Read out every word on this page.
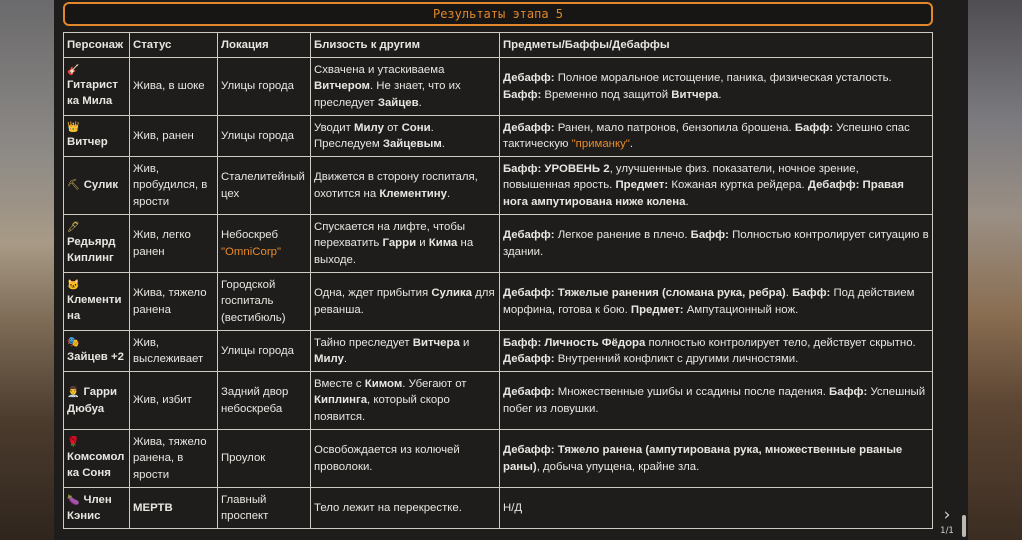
Результаты этапа 5
Персонаж	Статус	Локация	Близость к другим	Предметы/Баффы/Дебаффы

🎸
Гитарист ка Мила	Жива, в шоке	Улицы города	Схвачена и утаскиваема Витчером. Не знает, что их преследует Зайцев.	Дебафф: Полное моральное истощение, паника, физическая усталость. Бафф: Временно под защитой Витчера.

👑
Витчер	Жив, ранен	Улицы города	Уводит Милу от Сони. Преследуем Зайцевым.	Дебафф: Ранен, мало патронов, бензопила брошена. Бафф: Успешно спас тактическую "приманку".
⛏ Сулик	Жив, пробудился, в ярости	Сталелитейный цех	Движется в сторону госпиталя, охотится на Клементину.	Бафф: УРОВЕНЬ 2, улучшенные физ. показатели, ночное зрение, повышенная ярость. Предмет: Кожаная куртка рейдера. Дебафф: Правая нога ампутирована ниже колена.

🖊
Редьярд Киплинг	Жив, легко ранен	Небоскреб "OmniCorp"	Спускается на лифте, чтобы перехватить Гарри и Кима на выходе.	Дебафф: Легкое ранение в плечо. Бафф: Полностью контролирует ситуацию в здании.

🐱
Клементи на	Жива, тяжело ранена	Городской госпиталь (вестибюль)	Одна, ждет прибытия Сулика для реванша.	Дебафф: Тяжелые ранения (сломана рука, ребра). Бафф: Под действием морфина, готова к бою. Предмет: Ампутационный нож.

🎭
Зайцев +2	Жив, выслеживает	Улицы города	Тайно преследует Витчера и Милу.	Бафф: Личность Фёдора полностью контролирует тело, действует скрытно. Дебафф: Внутренний конфликт с другими личностями.
👨‍⚕ Гарри Дюбуа	Жив, избит	Задний двор небоскреба	Вместе с Кимом. Убегают от Киплинга, который скоро появится.	Дебафф: Множественные ушибы и ссадины после падения. Бафф: Успешный побег из ловушки.

🌹
Комсомол ка Соня	Жива, тяжело ранена, в ярости	Проулок	Освобождается из колючей проволоки.	Дебафф: Тяжело ранена (ампутирована рука, множественные рваные раны), добыча упущена, крайне зла.
🍆 Член Кэнис	МЕРТВ	Главный проспект	Тело лежит на перекрестке.	Н/Д	›
1/1
